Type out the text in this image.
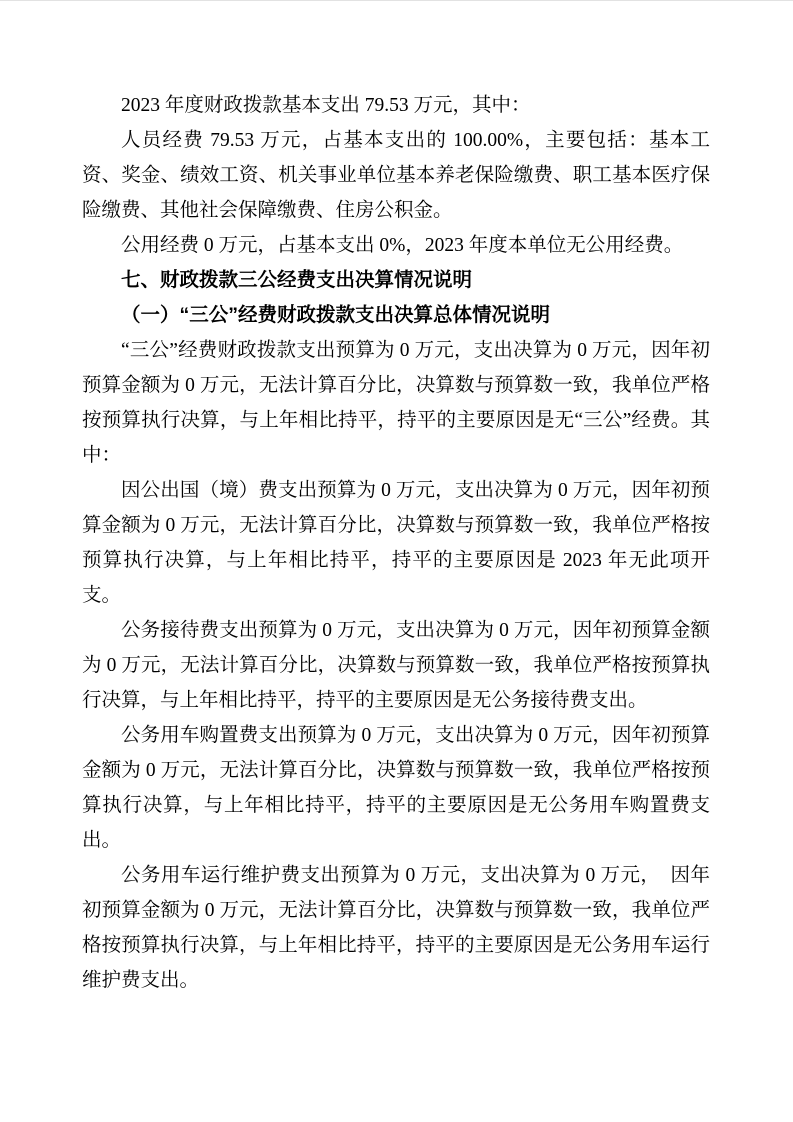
2023 年度财政拨款基本支出 79.53 万元，其中：

人员经费 79.53 万元，占基本支出的 100.00%，主要包括：基本工资、奖金、绩效工资、机关事业单位基本养老保险缴费、职工基本医疗保险缴费、其他社会保障缴费、住房公积金。

公用经费 0 万元，占基本支出 0%，2023 年度本单位无公用经费。

七、财政拨款三公经费支出决算情况说明

（一）“三公”经费财政拨款支出决算总体情况说明

“三公”经费财政拨款支出预算为 0 万元，支出决算为 0 万元，因年初预算金额为 0 万元，无法计算百分比，决算数与预算数一致，我单位严格按预算执行决算，与上年相比持平，持平的主要原因是无“三公”经费。其中：

因公出国（境）费支出预算为 0 万元，支出决算为 0 万元，因年初预算金额为 0 万元，无法计算百分比，决算数与预算数一致，我单位严格按预算执行决算，与上年相比持平，持平的主要原因是 2023 年无此项开支。

公务接待费支出预算为 0 万元，支出决算为 0 万元，因年初预算金额为 0 万元，无法计算百分比，决算数与预算数一致，我单位严格按预算执行决算，与上年相比持平，持平的主要原因是无公务接待费支出。

公务用车购置费支出预算为 0 万元，支出决算为 0 万元，因年初预算金额为 0 万元，无法计算百分比，决算数与预算数一致，我单位严格按预算执行决算，与上年相比持平，持平的主要原因是无公务用车购置费支出。

公务用车运行维护费支出预算为 0 万元，支出决算为 0 万元，　因年初预算金额为 0 万元，无法计算百分比，决算数与预算数一致，我单位严格按预算执行决算，与上年相比持平，持平的主要原因是无公务用车运行维护费支出。
